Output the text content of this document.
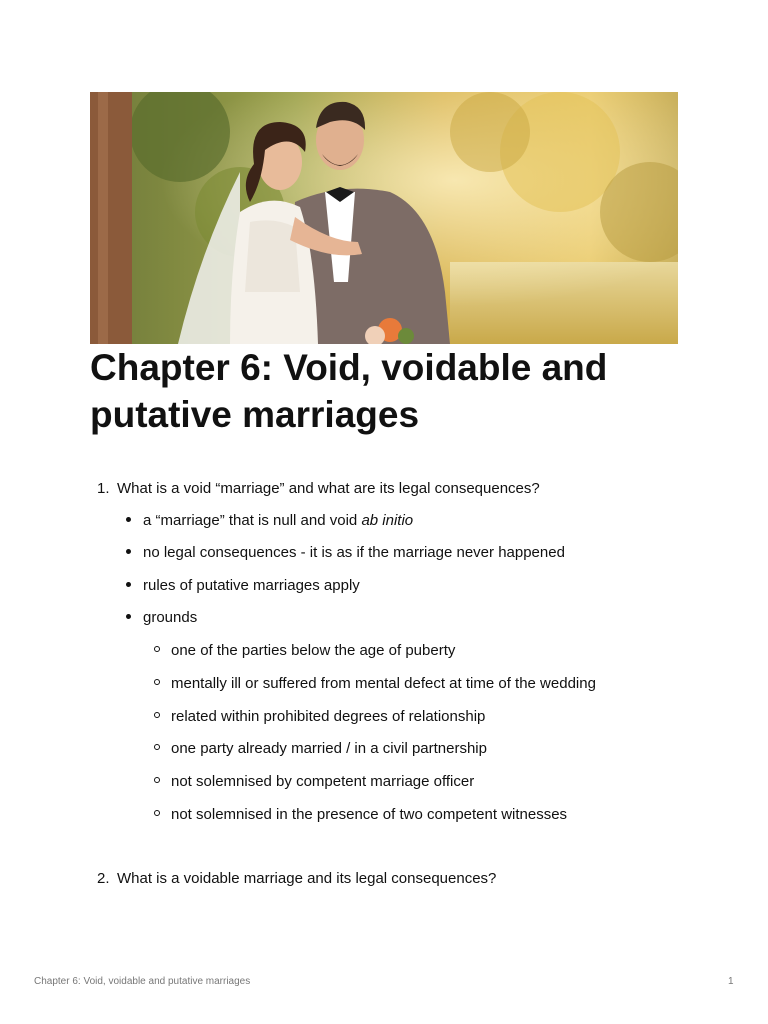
Chapter 6: Void, voidable and putative marriages
1. What is a void “marriage” and what are its legal consequences?
a “marriage” that is null and void ab initio
no legal consequences - it is as if the marriage never happened
rules of putative marriages apply
grounds
one of the parties below the age of puberty
mentally ill or suffered from mental defect at time of the wedding
related within prohibited degrees of relationship
one party already married / in a civil partnership
not solemnised by competent marriage officer
not solemnised in the presence of two competent witnesses
2. What is a voidable marriage and its legal consequences?
Chapter 6: Void, voidable and putative marriages	1
